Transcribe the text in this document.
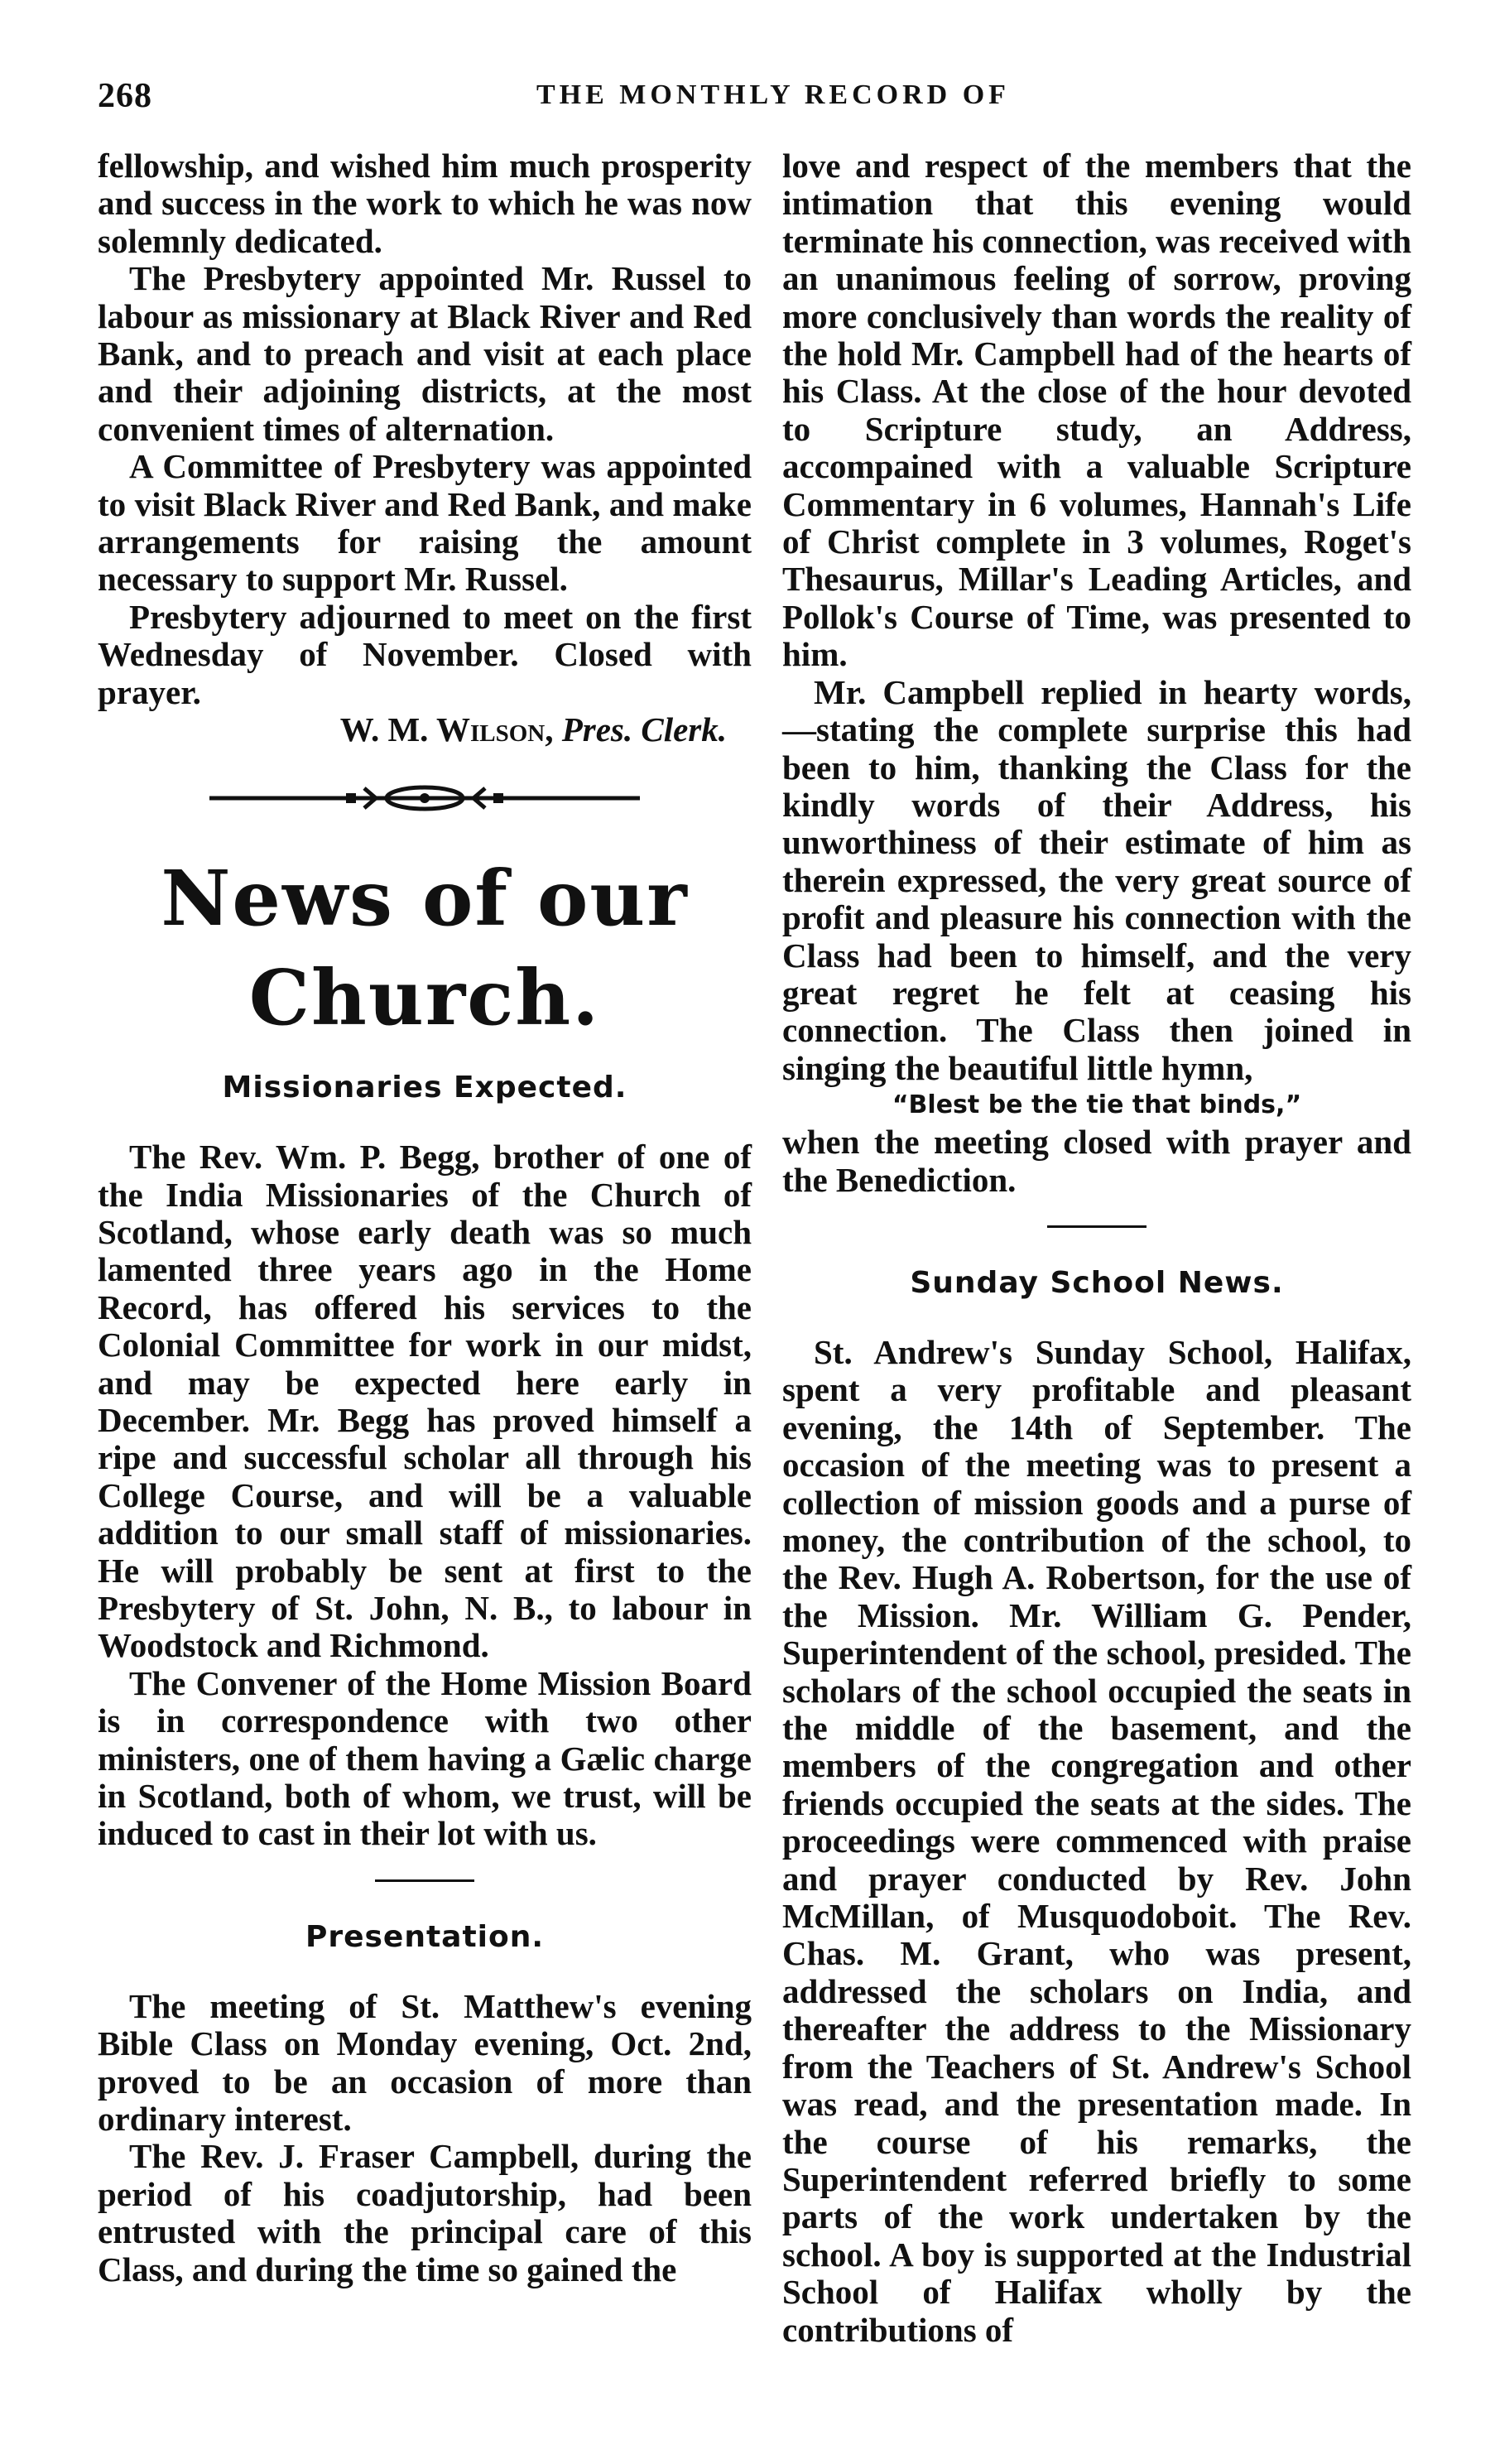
268	THE MONTHLY RECORD OF

fellowship, and wished him much prosperity and success in the work to which he was now solemnly dedicated.

The Presbytery appointed Mr. Russel to labour as missionary at Black River and Red Bank, and to preach and visit at each place and their adjoining districts, at the most convenient times of alternation.

A Committee of Presbytery was appointed to visit Black River and Red Bank, and make arrangements for raising the amount necessary to support Mr. Russel.

Presbytery adjourned to meet on the first Wednesday of November. Closed with prayer.

W. M. Wilson, Pres. Clerk.
News of our Church.
Missionaries Expected.

The Rev. Wm. P. Begg, brother of one of the India Missionaries of the Church of Scotland, whose early death was so much lamented three years ago in the Home Record, has offered his services to the Colonial Committee for work in our midst, and may be expected here early in December. Mr. Begg has proved himself a ripe and successful scholar all through his College Course, and will be a valuable addition to our small staff of missionaries. He will probably be sent at first to the Presbytery of St. John, N. B., to labour in Woodstock and Richmond.

The Convener of the Home Mission Board is in correspondence with two other ministers, one of them having a Gælic charge in Scotland, both of whom, we trust, will be induced to cast in their lot with us.

Presentation.

The meeting of St. Matthew's evening Bible Class on Monday evening, Oct. 2nd, proved to be an occasion of more than ordinary interest.

The Rev. J. Fraser Campbell, during the period of his coadjutorship, had been entrusted with the principal care of this Class, and during the time so gained the

love and respect of the members that the intimation that this evening would terminate his connection, was received with an unanimous feeling of sorrow, proving more conclusively than words the reality of the hold Mr. Campbell had of the hearts of his Class. At the close of the hour devoted to Scripture study, an Address, accompained with a valuable Scripture Commentary in 6 volumes, Hannah's Life of Christ complete in 3 volumes, Roget's Thesaurus, Millar's Leading Articles, and Pollok's Course of Time, was presented to him.

Mr. Campbell replied in hearty words, —stating the complete surprise this had been to him, thanking the Class for the kindly words of their Address, his unworthiness of their estimate of him as therein expressed, the very great source of profit and pleasure his connection with the Class had been to himself, and the very great regret he felt at ceasing his connection. The Class then joined in singing the beautiful little hymn,

“Blest be the tie that binds,”

when the meeting closed with prayer and the Benediction.

Sunday School News.

St. Andrew's Sunday School, Halifax, spent a very profitable and pleasant evening, the 14th of September. The occasion of the meeting was to present a collection of mission goods and a purse of money, the contribution of the school, to the Rev. Hugh A. Robertson, for the use of the Mission. Mr. William G. Pender, Superintendent of the school, presided. The scholars of the school occupied the seats in the middle of the basement, and the members of the congregation and other friends occupied the seats at the sides. The proceedings were commenced with praise and prayer conducted by Rev. John McMillan, of Musquodoboit. The Rev. Chas. M. Grant, who was present, addressed the scholars on India, and thereafter the address to the Missionary from the Teachers of St. Andrew's School was read, and the presentation made. In the course of his remarks, the Superintendent referred briefly to some parts of the work undertaken by the school. A boy is supported at the Industrial School of Halifax wholly by the contributions of
